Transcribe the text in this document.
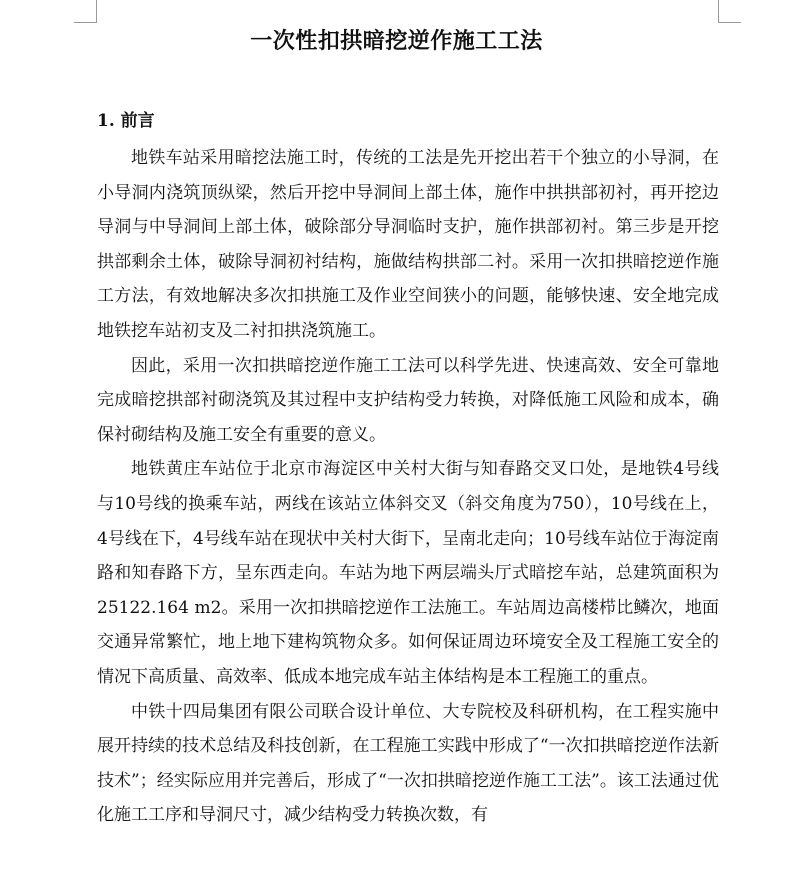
一次性扣拱暗挖逆作施工工法
1. 前言

地铁车站采用暗挖法施工时，传统的工法是先开挖出若干个独立的小导洞，在小导洞内浇筑顶纵梁，然后开挖中导洞间上部土体，施作中拱拱部初衬，再开挖边导洞与中导洞间上部土体，破除部分导洞临时支护，施作拱部初衬。第三步是开挖拱部剩余土体，破除导洞初衬结构，施做结构拱部二衬。采用一次扣拱暗挖逆作施工方法，有效地解决多次扣拱施工及作业空间狭小的问题，能够快速、安全地完成地铁挖车站初支及二衬扣拱浇筑施工。

因此，采用一次扣拱暗挖逆作施工工法可以科学先进、快速高效、安全可靠地完成暗挖拱部衬砌浇筑及其过程中支护结构受力转换，对降低施工风险和成本，确保衬砌结构及施工安全有重要的意义。

地铁黄庄车站位于北京市海淀区中关村大街与知春路交叉口处，是地铁4号线与10号线的换乘车站，两线在该站立体斜交叉（斜交角度为750），10号线在上，4号线在下，4号线车站在现状中关村大街下，呈南北走向；10号线车站位于海淀南路和知春路下方，呈东西走向。车站为地下两层端头厅式暗挖车站，总建筑面积为25122.164 m2。采用一次扣拱暗挖逆作工法施工。车站周边高楼栉比鳞次，地面交通异常繁忙，地上地下建构筑物众多。如何保证周边环境安全及工程施工安全的情况下高质量、高效率、低成本地完成车站主体结构是本工程施工的重点。

中铁十四局集团有限公司联合设计单位、大专院校及科研机构，在工程实施中展开持续的技术总结及科技创新，在工程施工实践中形成了“一次扣拱暗挖逆作法新技术”；经实际应用并完善后，形成了“一次扣拱暗挖逆作施工工法”。该工法通过优化施工工序和导洞尺寸，减少结构受力转换次数，有
